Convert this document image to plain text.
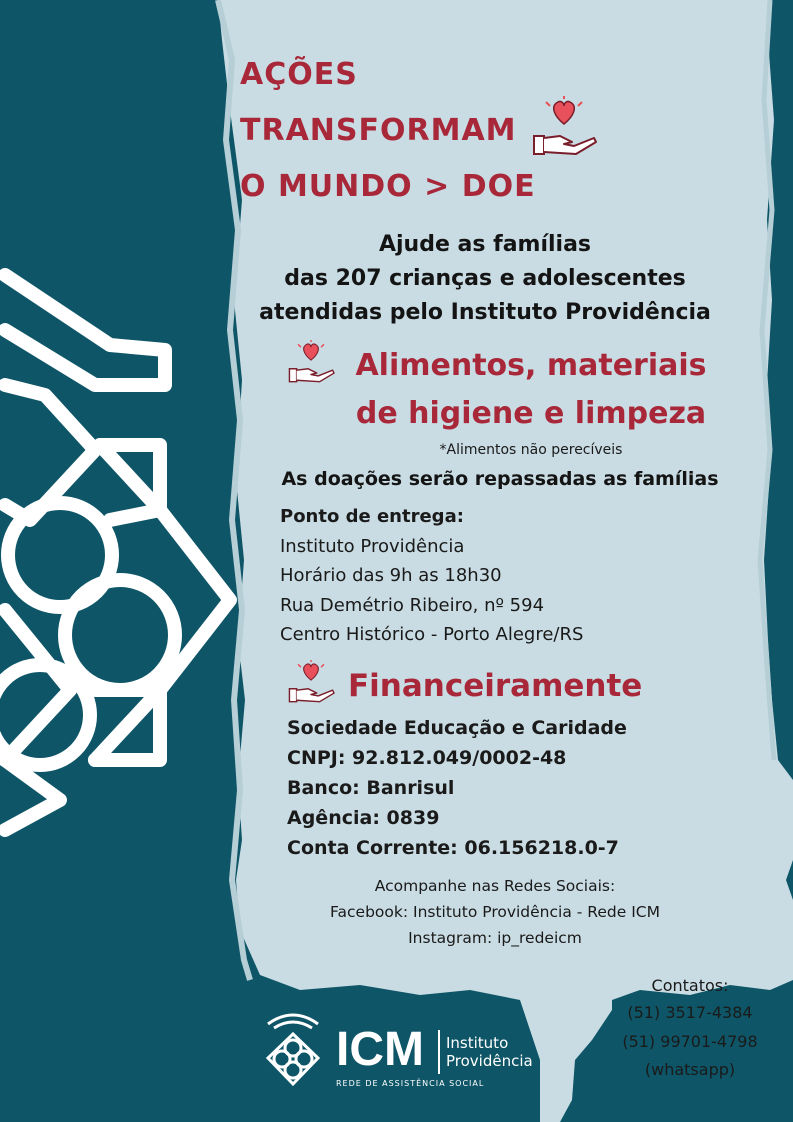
AÇÕES
TRANSFORMAM
O MUNDO > DOE
Ajude as famílias
das 207 crianças e adolescentes
atendidas pelo Instituto Providência
Alimentos, materiais
de higiene e limpeza
*Alimentos não perecíveis
As doações serão repassadas as famílias
Ponto de entrega:
Instituto Providência
Horário das 9h as 18h30
Rua Demétrio Ribeiro, nº 594
Centro Histórico - Porto Alegre/RS
Financeiramente
Sociedade Educação e Caridade
CNPJ: 92.812.049/0002-48
Banco: Banrisul
Agência: 0839
Conta Corrente: 06.156218.0-7
Acompanhe nas Redes Sociais:
Facebook: Instituto Providência - Rede ICM
Instagram: ip_redeicm
Contatos:
(51) 3517-4384
(51) 99701-4798
(whatsapp)
ICM Instituto
Providência
REDE DE ASSISTÊNCIA SOCIAL
